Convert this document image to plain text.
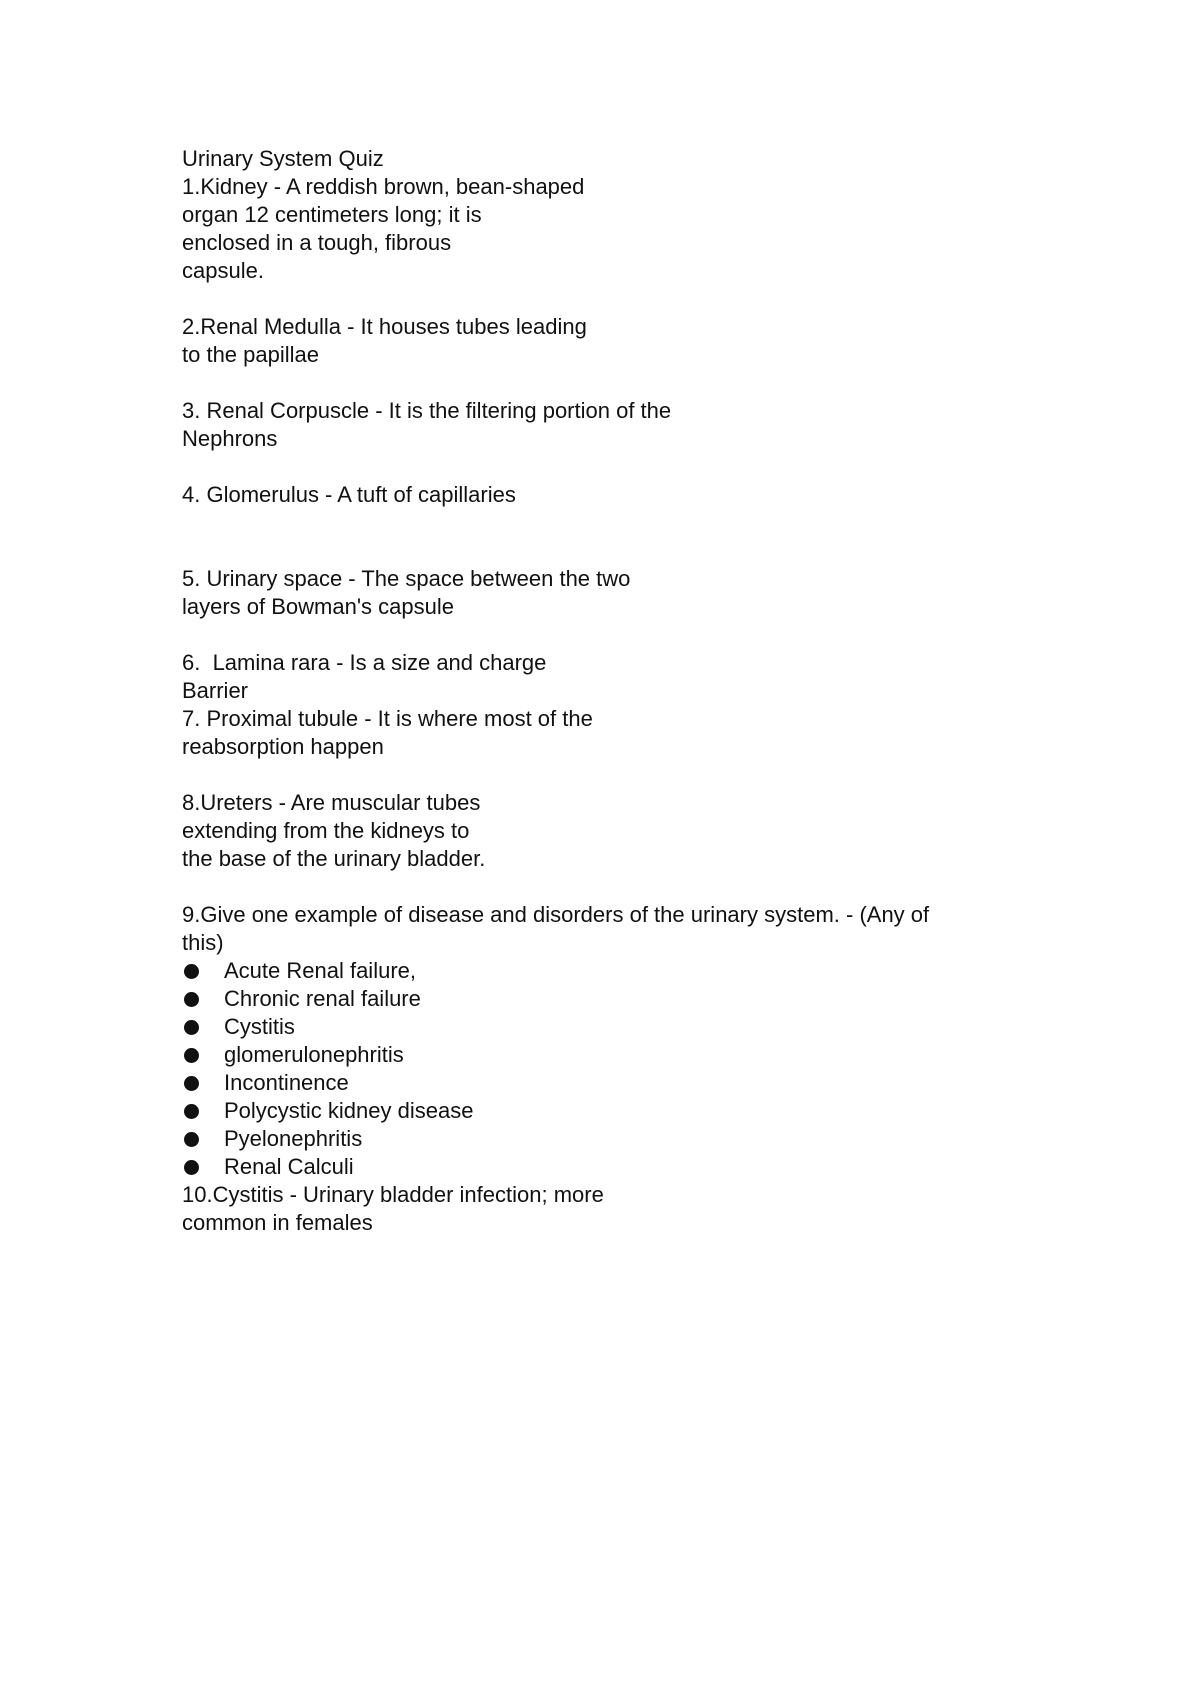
Urinary System Quiz
1.Kidney - A reddish brown, bean-shaped
organ 12 centimeters long; it is
enclosed in a tough, fibrous
capsule.
2.Renal Medulla - It houses tubes leading
to the papillae
3. Renal Corpuscle - It is the filtering portion of the
Nephrons
4. Glomerulus - A tuft of capillaries
5. Urinary space - The space between the two
layers of Bowman's capsule
6.  Lamina rara - Is a size and charge
Barrier
7. Proximal tubule - It is where most of the
reabsorption happen
8.Ureters - Are muscular tubes
extending from the kidneys to
the base of the urinary bladder.
9.Give one example of disease and disorders of the urinary system. - (Any of
this)
Acute Renal failure,
Chronic renal failure
Cystitis
glomerulonephritis
Incontinence
Polycystic kidney disease
Pyelonephritis
Renal Calculi
10.Cystitis - Urinary bladder infection; more
common in females
